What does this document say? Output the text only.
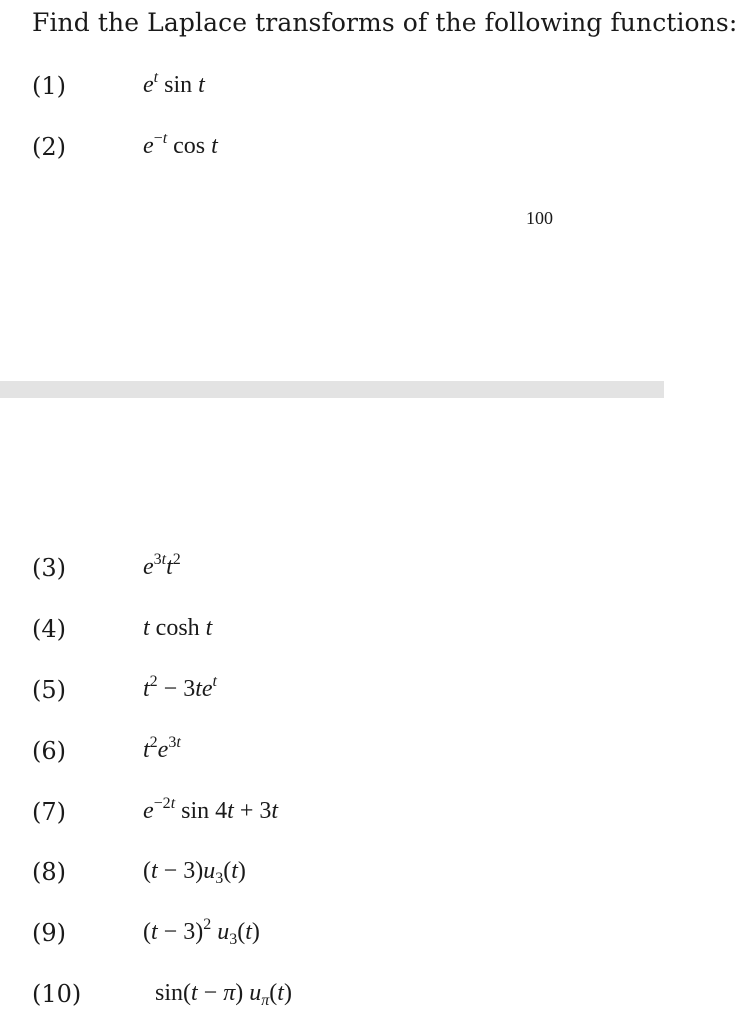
Find the Laplace transforms of the following functions:
(1)	$e^t$ sin t
(2)	$e^{-t}$ cos t
100
(3)	$e^{3t}t^2$
(4)	t cosh t
(5)	$t^2 - 3te^t$
(6)	$t^2e^{3t}$
(7)	$e^{-2t}$ sin 4t + 3t
(8)	$(t - 3)u_3(t)$
(9)	$(t - 3)^2$ $u_3(t)$
(10)	sin(t − π) $u_\pi(t)$
